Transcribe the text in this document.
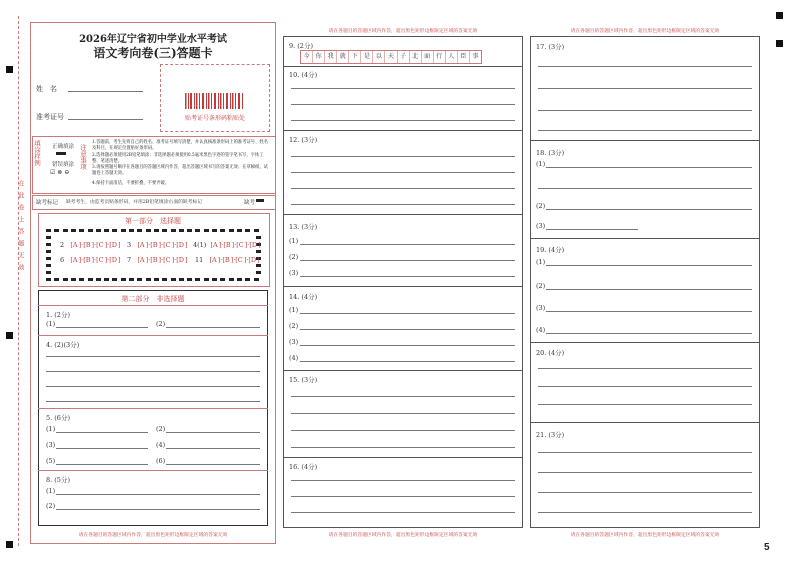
在此卷上答题无效
2026年辽宁省初中学业水平考试
语文考向卷(三)答题卡
姓　名
准考证号	贴考证号条形码粘贴处
填涂样例 正确填涂
错误填涂
☑ ⊗ ⊖
注意事项
1.答题前，考生先将自己的姓名、准考证号填写清楚，并认真核准条形码上的准考证号、姓名及科目，在规定位置贴好条形码。
2.选择题必须使用2B铅笔填涂；非选择题必须使用0.5毫米黑色字迹的签字笔书写，字体工整、笔迹清楚。
3.请按照题号顺序在各题目的答题区域内作答，超出答题区域书写的答案无效；在草稿纸、试题卷上答题无效。
4.保持卡面清洁，不要折叠、不要弄破。
缺考标记 缺考考生，由监考员贴条形码，并用2B铅笔填涂右面的缺考标记	缺考
第一部分　选择题
2 [A]·[B]·[C]·[D] 3 [A]·[B]·[C]·[D] 4(1) [A]·[B]·[C]·[D]
6 [A]·[B]·[C]·[D] 7 [A]·[B]·[C]·[D] 11 [A]·[B]·[C]·[D]
第二部分　非选择题
1. (2分)
(1)	(2)
4. (2)(3分)
5. (6分)
(1)	(2)
(3)	(4)
(5)	(6)
8. (5分)
(1)
(2)
请在各题目的答题区域内作答，超出黑色矩形边框限定区域的答案无效
请在各题目的答题区域内作答，超出黑色矩形边框限定区域的答案无效
9. (2分)
今	你	我	就	下	是	以	天	子	北	面	行	人	臣	事
10. (4分)
12. (3分)
13. (3分)
(1)
(2)
(3)
14. (4分)
(1)
(2)
(3)
(4)
15. (3分)
16. (4分)
请在各题目的答题区域内作答，超出黑色矩形边框限定区域的答案无效
请在各题目的答题区域内作答，超出黑色矩形边框限定区域的答案无效
17. (3分)
18. (3分)
(1)
(2)
(3)
19. (4分)
(1)
(2)
(3)
(4)
20. (4分)
21. (3分)
请在各题目的答题区域内作答，超出黑色矩形边框限定区域的答案无效
5
